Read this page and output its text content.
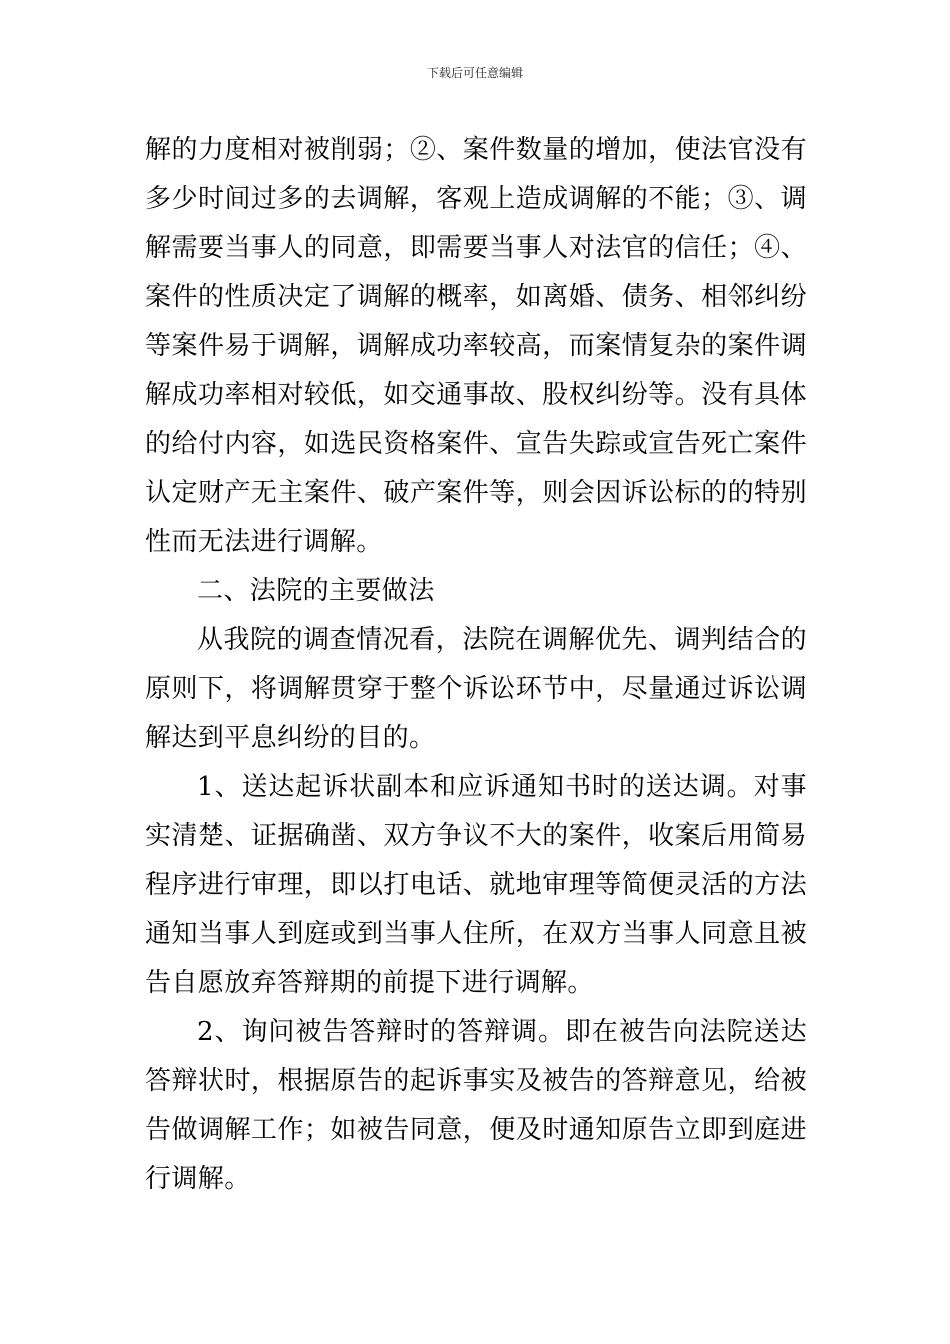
下载后可任意编辑

解的力度相对被削弱；②、案件数量的增加，使法官没有多少时间过多的去调解，客观上造成调解的不能；③、调解需要当事人的同意，即需要当事人对法官的信任；④、案件的性质决定了调解的概率，如离婚、债务、相邻纠纷等案件易于调解，调解成功率较高，而案情复杂的案件调解成功率相对较低，如交通事故、股权纠纷等。没有具体的给付内容，如选民资格案件、宣告失踪或宣告死亡案件认定财产无主案件、破产案件等，则会因诉讼标的的特别性而无法进行调解。

二、法院的主要做法

从我院的调查情况看，法院在调解优先、调判结合的原则下，将调解贯穿于整个诉讼环节中，尽量通过诉讼调解达到平息纠纷的目的。

1、送达起诉状副本和应诉通知书时的送达调。对事实清楚、证据确凿、双方争议不大的案件，收案后用简易程序进行审理，即以打电话、就地审理等简便灵活的方法通知当事人到庭或到当事人住所，在双方当事人同意且被告自愿放弃答辩期的前提下进行调解。

2、询问被告答辩时的答辩调。即在被告向法院送达答辩状时，根据原告的起诉事实及被告的答辩意见，给被告做调解工作；如被告同意，便及时通知原告立即到庭进行调解。
